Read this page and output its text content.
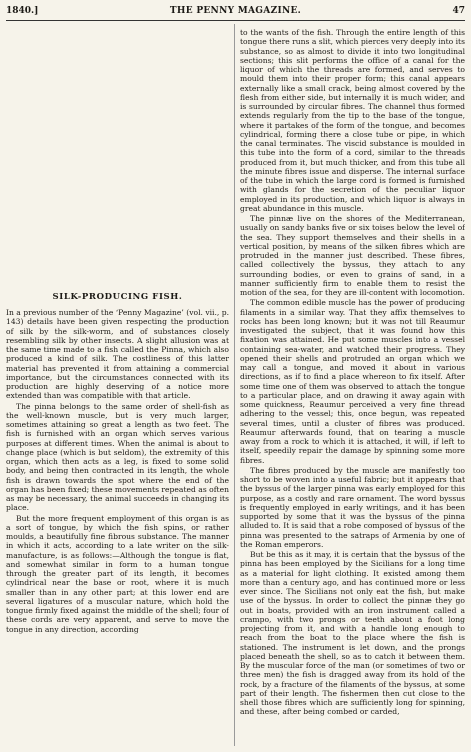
1840.]	THE PENNY MAGAZINE.	47
SILK-PRODUCING FISH.

In a previous number of the ‘Penny Magazine’ (vol. vii., p. 143) details have been given respecting the production of silk by the silk-worm, and of substances closely resembling silk by other insects. A slight allusion was at the same time made to a fish called the Pinna, which also produced a kind of silk. The costliness of this latter material has prevented it from attaining a commercial importance, but the circumstances connected with its production are highly deserving of a notice more extended than was compatible with that article.

The pinna belongs to the same order of shell-fish as the well-known muscle, but is very much larger, sometimes attaining so great a length as two feet. The fish is furnished with an organ which serves various purposes at different times. When the animal is about to change place (which is but seldom), the extremity of this organ, which then acts as a leg, is fixed to some solid body, and being then contracted in its length, the whole fish is drawn towards the spot where the end of the organ has been fixed; these movements repeated as often as may be necessary, the animal succeeds in changing its place.

But the more frequent employment of this organ is as a sort of tongue, by which the fish spins, or rather moulds, a beautifully fine fibrous substance. The manner in which it acts, according to a late writer on the silk-manufacture, is as follows:—Although the tongue is flat, and somewhat similar in form to a human tongue through the greater part of its length, it becomes cylindrical near the base or root, where it is much smaller than in any other part; at this lower end are several ligatures of a muscular nature, which hold the tongue firmly fixed against the middle of the shell; four of these cords are very apparent, and serve to move the tongue in any direction, according

to the wants of the fish. Through the entire length of this tongue there runs a slit, which pierces very deeply into its substance, so as almost to divide it into two longitudinal sections; this slit performs the office of a canal for the liquor of which the threads are formed, and serves to mould them into their proper form; this canal appears externally like a small crack, being almost covered by the flesh from either side, but internally it is much wider, and is surrounded by circular fibres. The channel thus formed extends regularly from the tip to the base of the tongue, where it partakes of the form of the tongue, and becomes cylindrical, forming there a close tube or pipe, in which the canal terminates. The viscid substance is moulded in this tube into the form of a cord, similar to the threads produced from it, but much thicker, and from this tube all the minute fibres issue and disperse. The internal surface of the tube in which the large cord is formed is furnished with glands for the secretion of the peculiar liquor employed in its production, and which liquor is always in great abundance in this muscle.

The pinnæ live on the shores of the Mediterranean, usually on sandy banks five or six toises below the level of the sea. They support themselves and their shells in a vertical position, by means of the silken fibres which are protruded in the manner just described. These fibres, called collectively the byssus, they attach to any surrounding bodies, or even to grains of sand, in a manner sufficiently firm to enable them to resist the motion of the sea, for they are ill-content with locomotion.

The common edible muscle has the power of producing filaments in a similar way. That they affix themselves to rocks has been long known; but it was not till Reaumur investigated the subject, that it was found how this fixation was attained. He put some muscles into a vessel containing sea-water, and watched their progress. They opened their shells and protruded an organ which we may call a tongue, and moved it about in various directions, as if to find a place whereon to fix itself. After some time one of them was observed to attach the tongue to a particular place, and on drawing it away again with some quickness, Reaumur perceived a very fine thread adhering to the vessel; this, once begun, was repeated several times, until a cluster of fibres was produced. Reaumur afterwards found, that on tearing a muscle away from a rock to which it is attached, it will, if left to itself, speedily repair the damage by spinning some more fibres.

The fibres produced by the muscle are manifestly too short to be woven into a useful fabric; but it appears that the byssus of the larger pinna was early employed for this purpose, as a costly and rare ornament. The word byssus is frequently employed in early writings, and it has been supported by some that it was the byssus of the pinna alluded to. It is said that a robe composed of byssus of the pinna was presented to the satraps of Armenia by one of the Roman emperors.

But be this as it may, it is certain that the byssus of the pinna has been employed by the Sicilians for a long time as a material for light clothing. It existed among them more than a century ago, and has continued more or less ever since. The Sicilians not only eat the fish, but make use of the byssus. In order to collect the pinnæ they go out in boats, provided with an iron instrument called a crampo, with two prongs or teeth about a foot long projecting from it, and with a handle long enough to reach from the boat to the place where the fish is stationed. The instrument is let down, and the prongs placed beneath the shell, so as to catch it between them. By the muscular force of the man (or sometimes of two or three men) the fish is dragged away from its hold of the rock, by a fracture of the filaments of the byssus, at some part of their length. The fishermen then cut close to the shell those fibres which are sufficiently long for spinning, and these, after being combed or carded,
